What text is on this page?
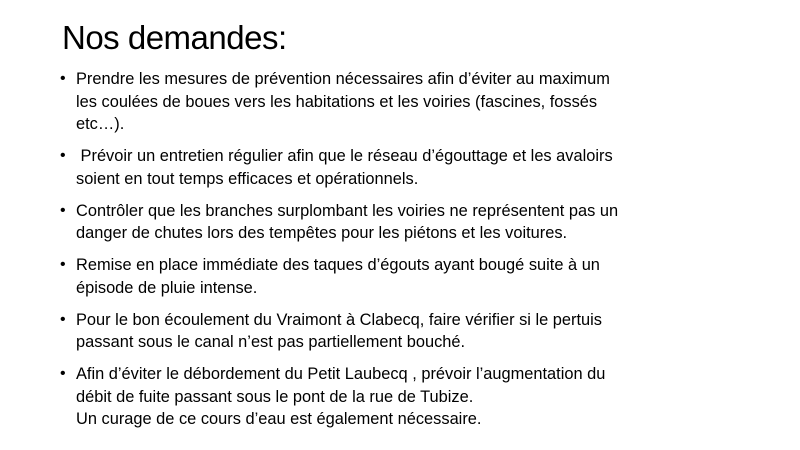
Nos demandes:
• Prendre les mesures de prévention nécessaires afin d’éviter au maximum
les coulées de boues vers les habitations et les voiries (fascines, fossés
etc…).
•  Prévoir un entretien régulier afin que le réseau d’égouttage et les avaloirs
soient en tout temps efficaces et opérationnels.
• Contrôler que les branches surplombant les voiries ne représentent pas un
danger de chutes lors des tempêtes pour les piétons et les voitures.
• Remise en place immédiate des taques d’égouts ayant bougé suite à un
épisode de pluie intense.
• Pour le bon écoulement du Vraimont à Clabecq, faire vérifier si le pertuis
passant sous le canal n’est pas partiellement bouché.
• Afin d’éviter le débordement du Petit Laubecq , prévoir l’augmentation du
débit de fuite passant sous le pont de la rue de Tubize.
Un curage de ce cours d’eau est également nécessaire.
